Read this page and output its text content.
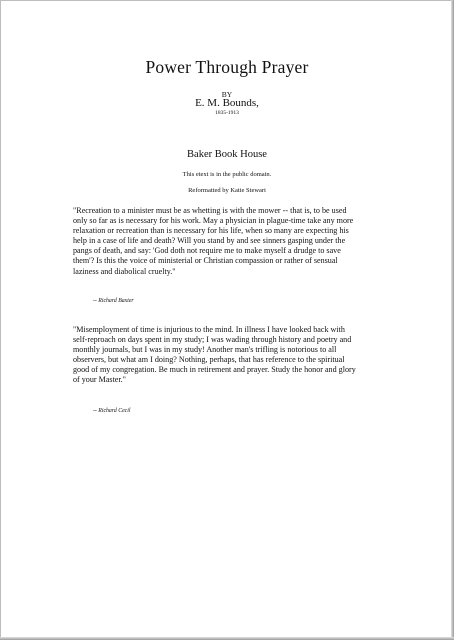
Power Through Prayer
BY
E. M. Bounds,
1835-1913
Baker Book House
This etext is in the public domain.
Reformatted by Katie Stewart
"Recreation to a minister must be as whetting is with the mower -- that is, to be used
only so far as is necessary for his work. May a physician in plague-time take any more
relaxation or recreation than is necessary for his life, when so many are expecting his
help in a case of life and death? Will you stand by and see sinners gasping under the
pangs of death, and say: 'God doth not require me to make myself a drudge to save
them'? Is this the voice of ministerial or Christian compassion or rather of sensual
laziness and diabolical cruelty."
-- Richard Baxter
"Misemployment of time is injurious to the mind. In illness I have looked back with
self-reproach on days spent in my study; I was wading through history and poetry and
monthly journals, but I was in my study! Another man's trifling is notorious to all
observers, but what am I doing? Nothing, perhaps, that has reference to the spiritual
good of my congregation. Be much in retirement and prayer. Study the honor and glory
of your Master."
-- Richard Cecil
